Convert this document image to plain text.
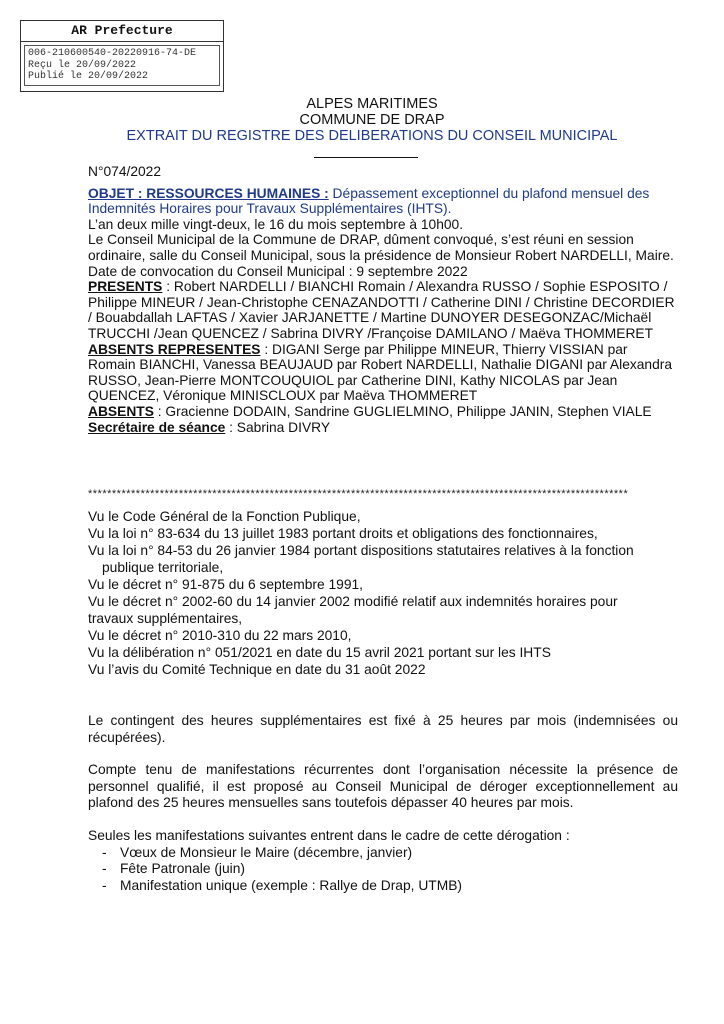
AR Prefecture
006-210600540-20220916-74-DE
Reçu le 20/09/2022
Publié le 20/09/2022
ALPES MARITIMES
COMMUNE DE DRAP
EXTRAIT DU REGISTRE DES DELIBERATIONS DU CONSEIL MUNICIPAL

N°074/2022

OBJET : RESSOURCES HUMAINES : Dépassement exceptionnel du plafond mensuel des Indemnités Horaires pour Travaux Supplémentaires (IHTS).

L’an deux mille vingt-deux, le 16 du mois septembre à 10h00.

Le Conseil Municipal de la Commune de DRAP, dûment convoqué, s’est réuni en session ordinaire, salle du Conseil Municipal, sous la présidence de Monsieur Robert NARDELLI, Maire.

Date de convocation du Conseil Municipal : 9 septembre 2022

PRESENTS : Robert NARDELLI / BIANCHI Romain / Alexandra RUSSO / Sophie ESPOSITO / Philippe MINEUR / Jean-Christophe CENAZANDOTTI / Catherine DINI / Christine DECORDIER / Bouabdallah LAFTAS / Xavier JARJANETTE / Martine DUNOYER DESEGONZAC/Michaël TRUCCHI /Jean QUENCEZ / Sabrina DIVRY /Françoise DAMILANO / Maëva THOMMERET

ABSENTS REPRESENTES : DIGANI Serge par Philippe MINEUR, Thierry VISSIAN par Romain BIANCHI, Vanessa BEAUJAUD par Robert NARDELLI, Nathalie DIGANI par Alexandra RUSSO, Jean-Pierre MONTCOUQUIOL par Catherine DINI, Kathy NICOLAS par Jean QUENCEZ, Véronique MINISCLOUX par Maëva THOMMERET

ABSENTS : Gracienne DODAIN, Sandrine GUGLIELMINO, Philippe JANIN, Stephen VIALE

Secrétaire de séance : Sabrina DIVRY

*****************************************************************************************************************

Vu le Code Général de la Fonction Publique,

Vu la loi n° 83-634 du 13 juillet 1983 portant droits et obligations des fonctionnaires,

Vu la loi n° 84-53 du 26 janvier 1984 portant dispositions statutaires relatives à la fonction

publique territoriale,

Vu le décret n° 91-875 du 6 septembre 1991,

Vu le décret n° 2002-60 du 14 janvier 2002 modifié relatif aux indemnités horaires pour

travaux supplémentaires,

Vu le décret n° 2010-310 du 22 mars 2010,

Vu la délibération n° 051/2021 en date du 15 avril 2021 portant sur les IHTS

Vu l’avis du Comité Technique en date du 31 août 2022

Le contingent des heures supplémentaires est fixé à 25 heures par mois (indemnisées ou récupérées).
Compte tenu de manifestations récurrentes dont l’organisation nécessite la présence de personnel qualifié, il est proposé au Conseil Municipal de déroger exceptionnellement au plafond des 25 heures mensuelles sans toutefois dépasser 40 heures par mois.
Seules les manifestations suivantes entrent dans le cadre de cette dérogation :
- Vœux de Monsieur le Maire (décembre, janvier)
- Fête Patronale (juin)
- Manifestation unique (exemple : Rallye de Drap, UTMB)
